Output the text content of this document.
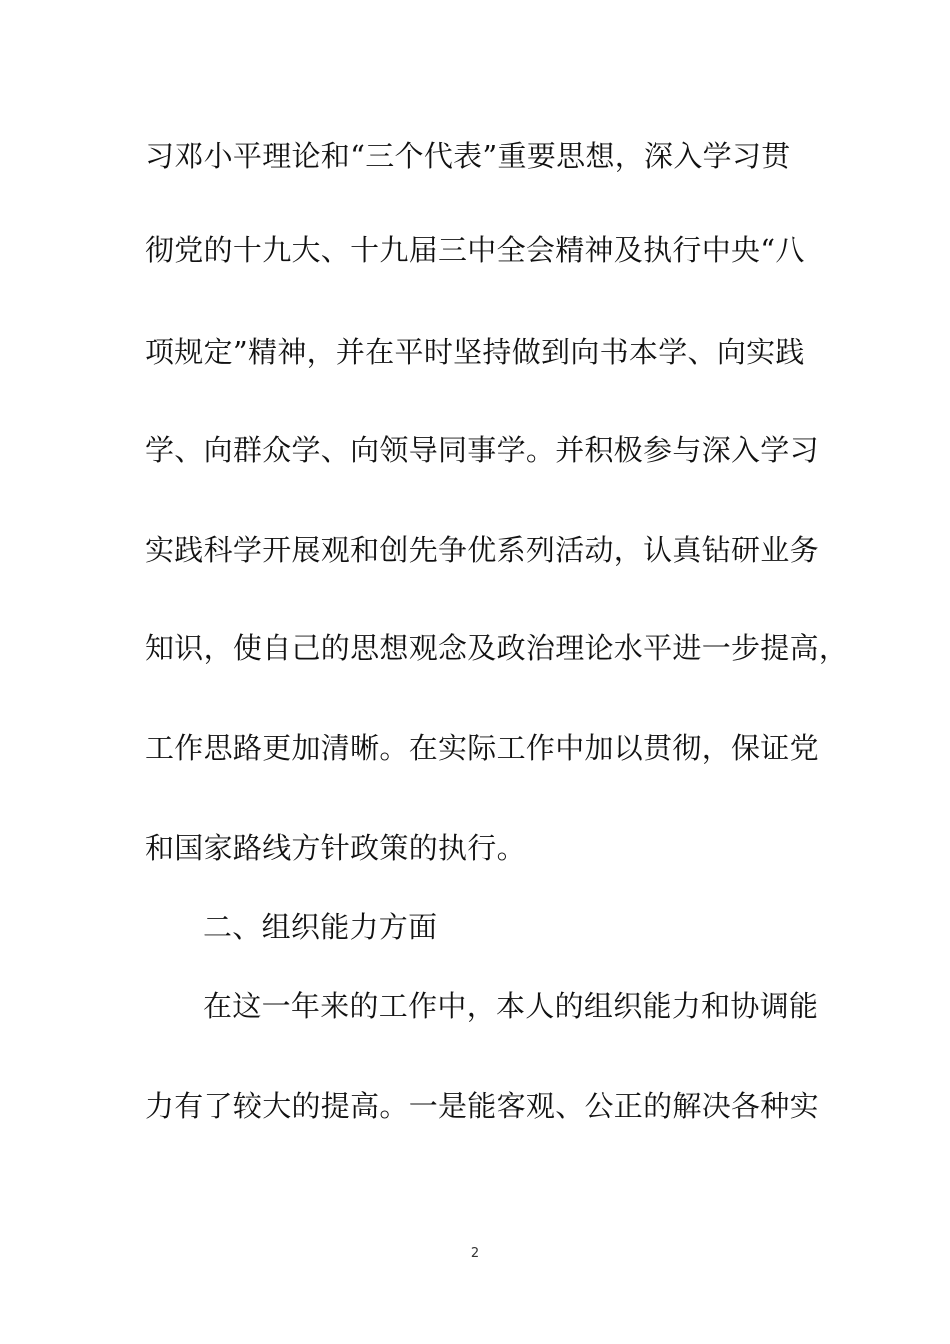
习邓小平理论和“三个代表”重要思想，深入学习贯
彻党的十九大、十九届三中全会精神及执行中央“八
项规定”精神，并在平时坚持做到向书本学、向实践
学、向群众学、向领导同事学。并积极参与深入学习
实践科学开展观和创先争优系列活动，认真钻研业务
知识，使自己的思想观念及政治理论水平进一步提高，
工作思路更加清晰。在实际工作中加以贯彻，保证党
和国家路线方针政策的执行。
二、组织能力方面
在这一年来的工作中，本人的组织能力和协调能
力有了较大的提高。一是能客观、公正的解决各种实
2
